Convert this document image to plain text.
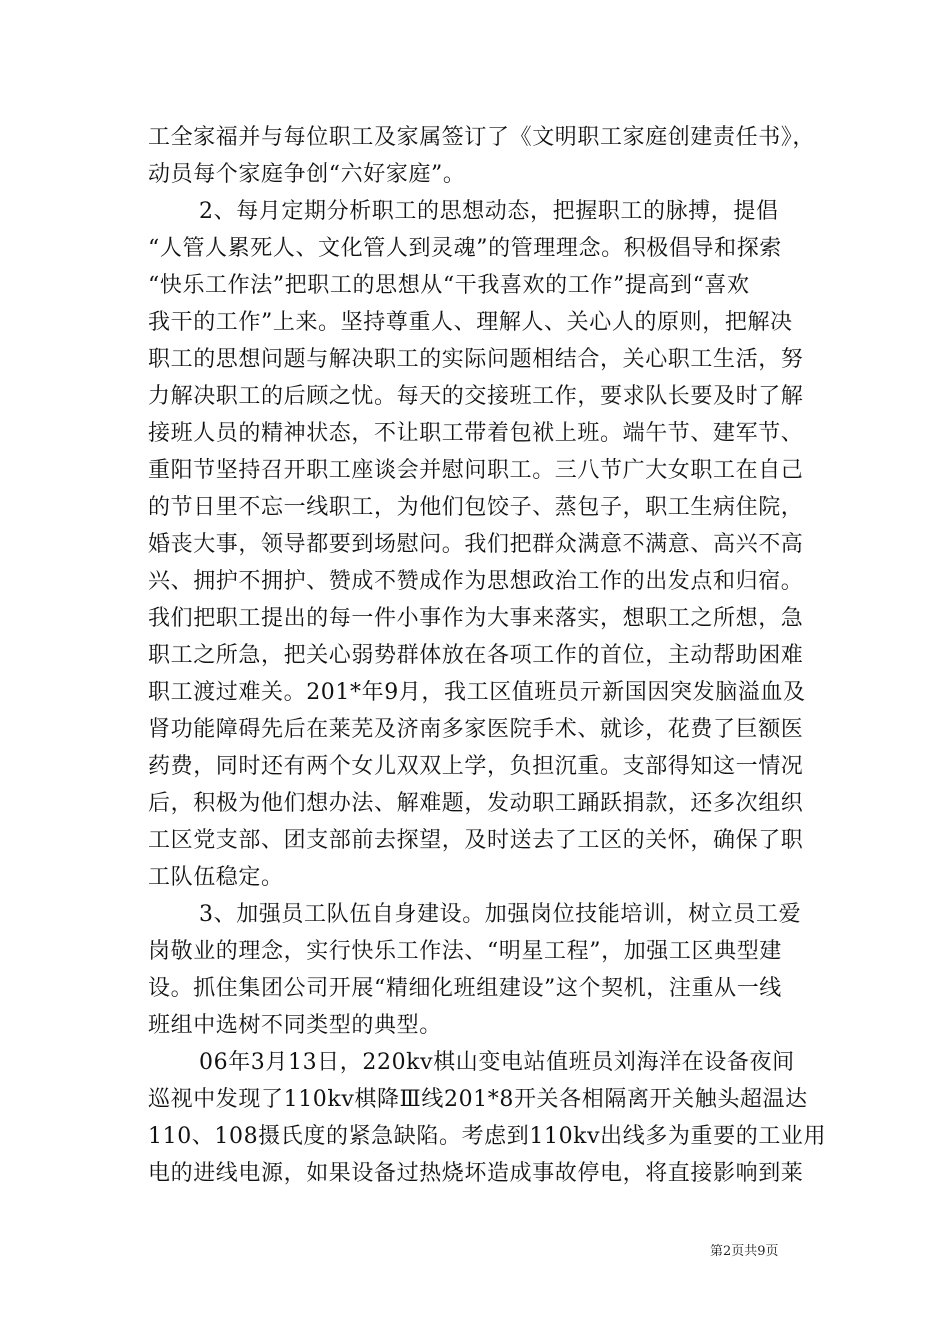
工全家福并与每位职工及家属签订了《文明职工家庭创建责任书》，
动员每个家庭争创“六好家庭”。
2、每月定期分析职工的思想动态，把握职工的脉搏，提倡
“人管人累死人、文化管人到灵魂”的管理理念。积极倡导和探索
“快乐工作法”把职工的思想从“干我喜欢的工作”提高到“喜欢
我干的工作”上来。坚持尊重人、理解人、关心人的原则，把解决
职工的思想问题与解决职工的实际问题相结合，关心职工生活，努
力解决职工的后顾之忧。每天的交接班工作，要求队长要及时了解
接班人员的精神状态，不让职工带着包袱上班。端午节、建军节、
重阳节坚持召开职工座谈会并慰问职工。三八节广大女职工在自己
的节日里不忘一线职工，为他们包饺子、蒸包子，职工生病住院，
婚丧大事，领导都要到场慰问。我们把群众满意不满意、高兴不高
兴、拥护不拥护、赞成不赞成作为思想政治工作的出发点和归宿。
我们把职工提出的每一件小事作为大事来落实，想职工之所想，急
职工之所急，把关心弱势群体放在各项工作的首位，主动帮助困难
职工渡过难关。201*年9月，我工区值班员亓新国因突发脑溢血及
肾功能障碍先后在莱芜及济南多家医院手术、就诊，花费了巨额医
药费，同时还有两个女儿双双上学，负担沉重。支部得知这一情况
后，积极为他们想办法、解难题，发动职工踊跃捐款，还多次组织
工区党支部、团支部前去探望，及时送去了工区的关怀，确保了职
工队伍稳定。
3、加强员工队伍自身建设。加强岗位技能培训，树立员工爱
岗敬业的理念，实行快乐工作法、“明星工程”，加强工区典型建
设。抓住集团公司开展“精细化班组建设”这个契机，注重从一线
班组中选树不同类型的典型。
06年3月13日，220kv棋山变电站值班员刘海洋在设备夜间
巡视中发现了110kv棋降Ⅲ线201*8开关各相隔离开关触头超温达
110、108摄氏度的紧急缺陷。考虑到110kv出线多为重要的工业用
电的进线电源，如果设备过热烧坏造成事故停电，将直接影响到莱
第2页共9页
